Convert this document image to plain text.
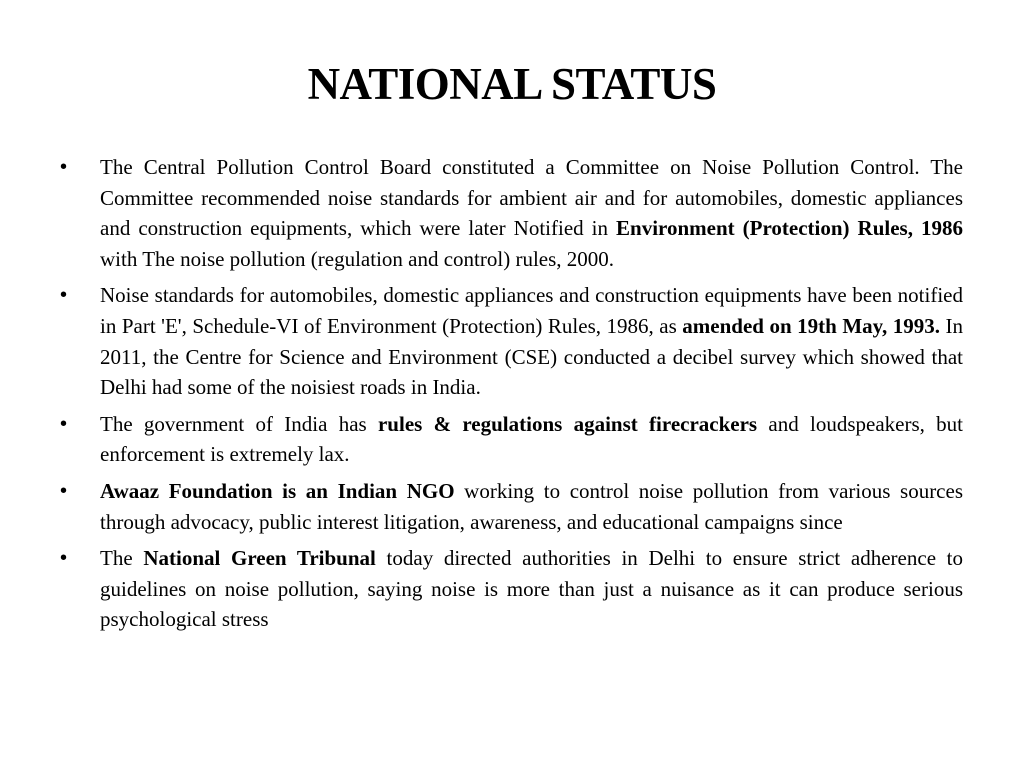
NATIONAL STATUS
•	The Central Pollution Control Board constituted a Committee on Noise Pollution Control. The Committee recommended noise standards for ambient air and for automobiles, domestic appliances and construction equipments, which were later Notified in Environment (Protection) Rules, 1986 with The noise pollution (regulation and control) rules, 2000.
•	Noise standards for automobiles, domestic appliances and construction equipments have been notified in Part 'E', Schedule-VI of Environment (Protection) Rules, 1986, as amended on 19th May, 1993. In 2011, the Centre for Science and Environment (CSE) conducted a decibel survey which showed that Delhi had some of the noisiest roads in India.
•	The government of India has rules & regulations against firecrackers and loudspeakers, but enforcement is extremely lax.
•	Awaaz Foundation is an Indian NGO working to control noise pollution from various sources through advocacy, public interest litigation, awareness, and educational campaigns since
•	The National Green Tribunal today directed authorities in Delhi to ensure strict adherence to guidelines on noise pollution, saying noise is more than just a nuisance as it can produce serious psychological stress
